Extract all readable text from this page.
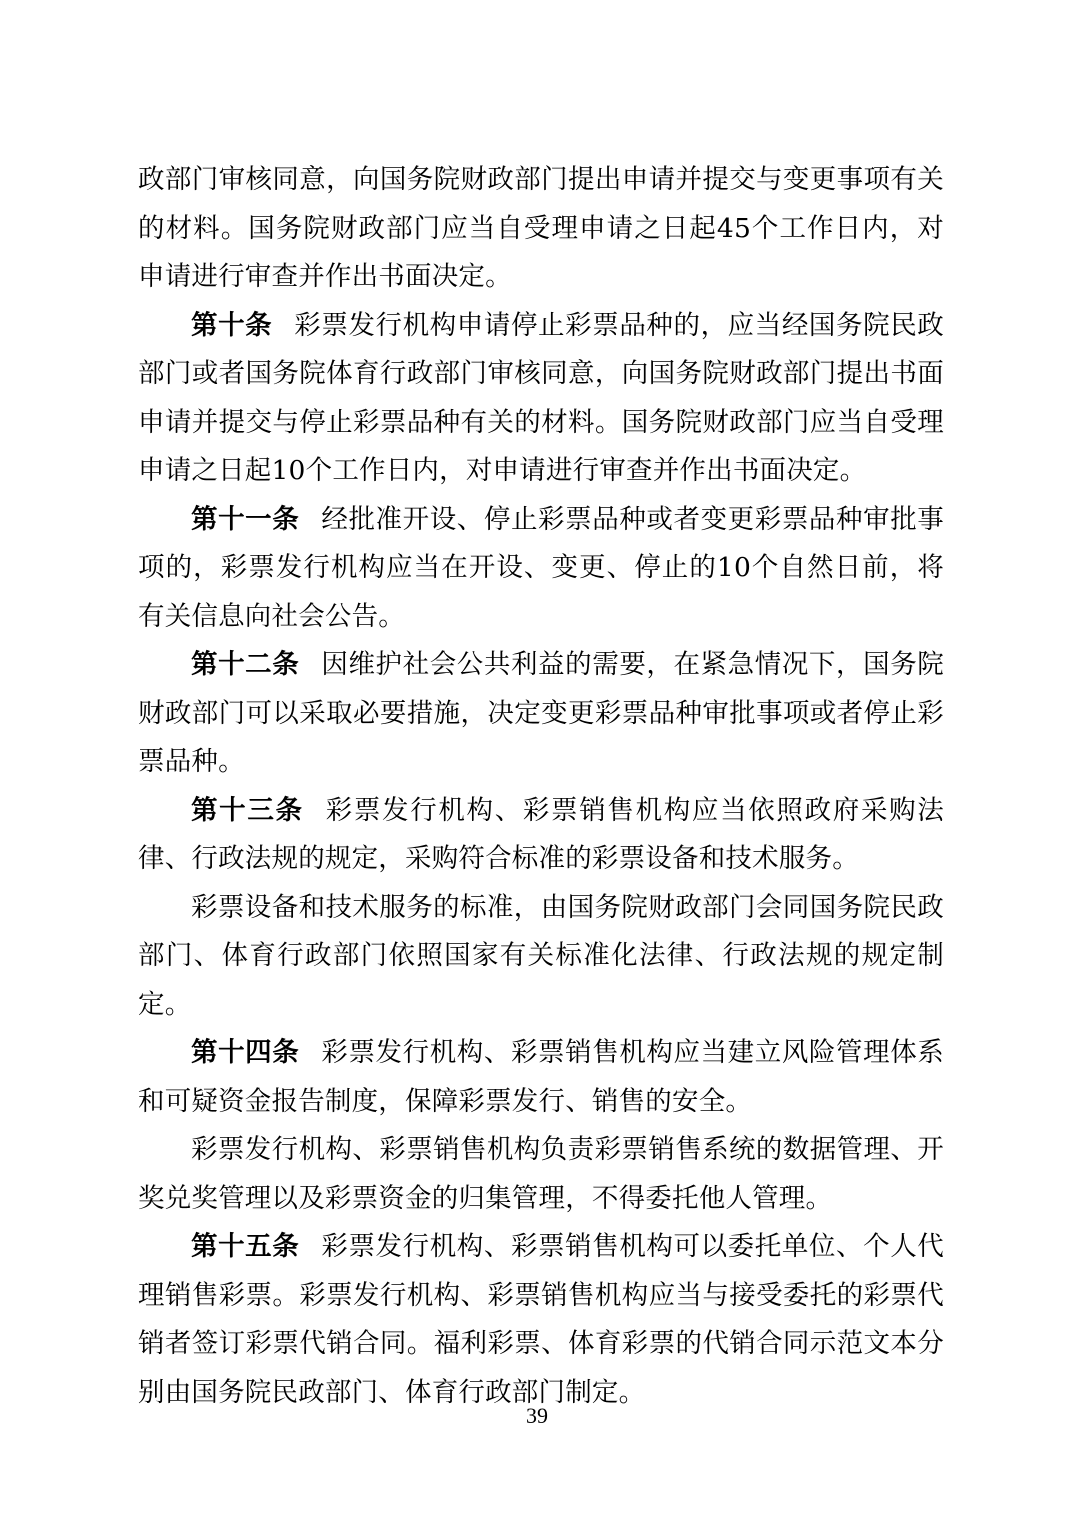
政部门审核同意，向国务院财政部门提出申请并提交与变更事项有关的材料。国务院财政部门应当自受理申请之日起45个工作日内，对申请进行审查并作出书面决定。

第十条 彩票发行机构申请停止彩票品种的，应当经国务院民政部门或者国务院体育行政部门审核同意，向国务院财政部门提出书面申请并提交与停止彩票品种有关的材料。国务院财政部门应当自受理申请之日起10个工作日内，对申请进行审查并作出书面决定。

第十一条 经批准开设、停止彩票品种或者变更彩票品种审批事项的，彩票发行机构应当在开设、变更、停止的10个自然日前，将有关信息向社会公告。

第十二条 因维护社会公共利益的需要，在紧急情况下，国务院财政部门可以采取必要措施，决定变更彩票品种审批事项或者停止彩票品种。

第十三条 彩票发行机构、彩票销售机构应当依照政府采购法律、行政法规的规定，采购符合标准的彩票设备和技术服务。

彩票设备和技术服务的标准，由国务院财政部门会同国务院民政部门、体育行政部门依照国家有关标准化法律、行政法规的规定制定。

第十四条 彩票发行机构、彩票销售机构应当建立风险管理体系和可疑资金报告制度，保障彩票发行、销售的安全。

彩票发行机构、彩票销售机构负责彩票销售系统的数据管理、开奖兑奖管理以及彩票资金的归集管理，不得委托他人管理。

第十五条 彩票发行机构、彩票销售机构可以委托单位、个人代理销售彩票。彩票发行机构、彩票销售机构应当与接受委托的彩票代销者签订彩票代销合同。福利彩票、体育彩票的代销合同示范文本分别由国务院民政部门、体育行政部门制定。

39
